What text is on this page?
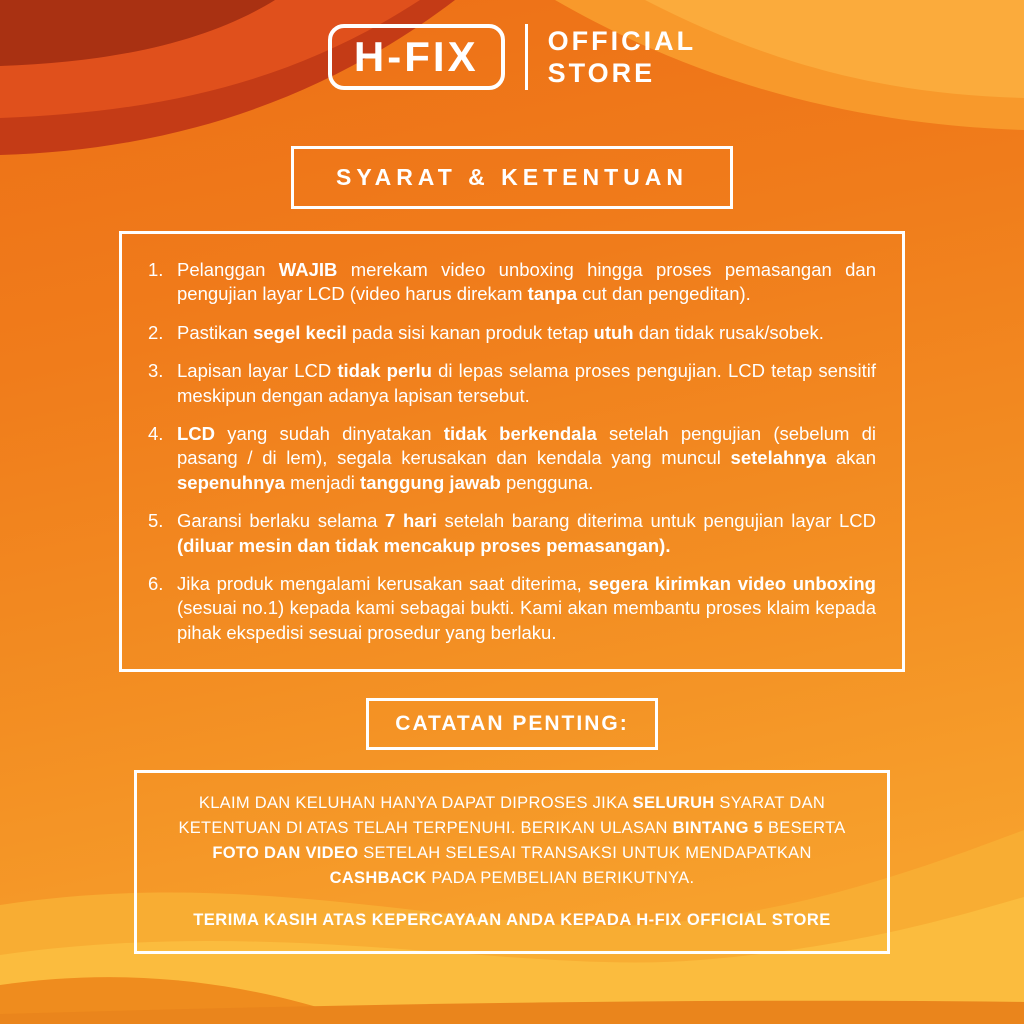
H-FIX	OFFICIAL
STORE
SYARAT & KETENTUAN
1. Pelanggan WAJIB merekam video unboxing hingga proses pemasangan dan pengujian layar LCD (video harus direkam tanpa cut dan pengeditan).

2. Pastikan segel kecil pada sisi kanan produk tetap utuh dan tidak rusak/sobek.

3. Lapisan layar LCD tidak perlu di lepas selama proses pengujian. LCD tetap sensitif meskipun dengan adanya lapisan tersebut.

4. LCD yang sudah dinyatakan tidak berkendala setelah pengujian (sebelum di pasang / di lem), segala kerusakan dan kendala yang muncul setelahnya akan sepenuhnya menjadi tanggung jawab pengguna.

5. Garansi berlaku selama 7 hari setelah barang diterima untuk pengujian layar LCD (diluar mesin dan tidak mencakup proses pemasangan).

6. Jika produk mengalami kerusakan saat diterima, segera kirimkan video unboxing (sesuai no.1) kepada kami sebagai bukti. Kami akan membantu proses klaim kepada pihak ekspedisi sesuai prosedur yang berlaku.

CATATAN PENTING:

KLAIM DAN KELUHAN HANYA DAPAT DIPROSES JIKA SELURUH SYARAT DAN KETENTUAN DI ATAS TELAH TERPENUHI. BERIKAN ULASAN BINTANG 5 BESERTA FOTO DAN VIDEO SETELAH SELESAI TRANSAKSI UNTUK MENDAPATKAN CASHBACK PADA PEMBELIAN BERIKUTNYA.

TERIMA KASIH ATAS KEPERCAYAAN ANDA KEPADA H-FIX OFFICIAL STORE
